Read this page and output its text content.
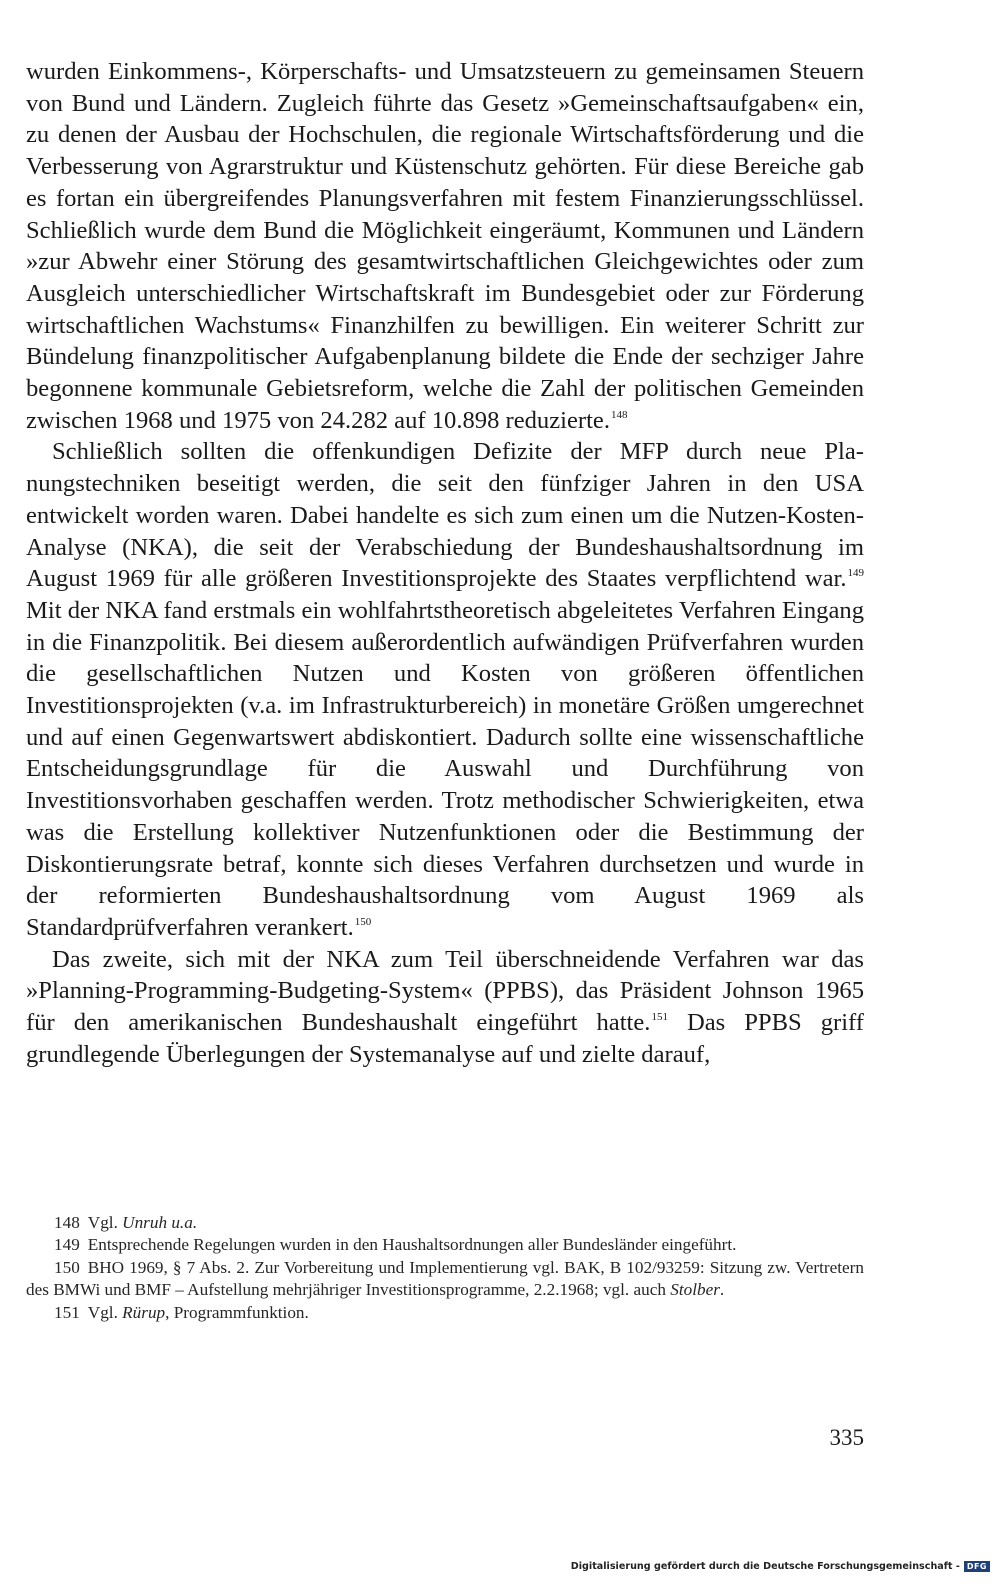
wurden Einkommens-, Körperschafts- und Umsatzsteuern zu gemeinsamen Steuern von Bund und Ländern. Zugleich führte das Gesetz »Gemeinschaftsaufgaben« ein, zu denen der Ausbau der Hochschulen, die regionale Wirtschaftsförderung und die Verbesserung von Agrarstruktur und Küstenschutz gehörten. Für diese Bereiche gab es fortan ein übergreifendes Planungsverfahren mit festem Finanzierungsschlüssel. Schließlich wurde dem Bund die Möglichkeit eingeräumt, Kommunen und Ländern »zur Abwehr einer Störung des gesamtwirtschaftlichen Gleichgewichtes oder zum Ausgleich unterschiedlicher Wirtschaftskraft im Bundesgebiet oder zur Förderung wirtschaftlichen Wachstums« Finanzhilfen zu bewilligen. Ein weiterer Schritt zur Bündelung finanzpolitischer Aufgabenplanung bildete die Ende der sechziger Jahre begonnene kommunale Gebietsreform, welche die Zahl der politischen Gemeinden zwischen 1968 und 1975 von 24.282 auf 10.898 reduzierte.$^{148}$

Schließlich sollten die offenkundigen Defizite der MFP durch neue Planungstechniken beseitigt werden, die seit den fünfziger Jahren in den USA entwickelt worden waren. Dabei handelte es sich zum einen um die Nutzen-Kosten-Analyse (NKA), die seit der Verabschiedung der Bundeshaushaltsordnung im August 1969 für alle größeren Investitionsprojekte des Staates verpflichtend war.$^{149}$ Mit der NKA fand erstmals ein wohlfahrtstheoretisch abgeleitetes Verfahren Eingang in die Finanzpolitik. Bei diesem außerordentlich aufwändigen Prüfverfahren wurden die gesellschaftlichen Nutzen und Kosten von größeren öffentlichen Investitionsprojekten (v.a. im Infrastrukturbereich) in monetäre Größen umgerechnet und auf einen Gegenwartswert abdiskontiert. Dadurch sollte eine wissenschaftliche Entscheidungsgrundlage für die Auswahl und Durchführung von Investitionsvorhaben geschaffen werden. Trotz methodischer Schwierigkeiten, etwa was die Erstellung kollektiver Nutzenfunktionen oder die Bestimmung der Diskontierungsrate betraf, konnte sich dieses Verfahren durchsetzen und wurde in der reformierten Bundeshaushaltsordnung vom August 1969 als Standardprüfverfahren verankert.$^{150}$

Das zweite, sich mit der NKA zum Teil überschneidende Verfahren war das »Planning-Programming-Budgeting-System« (PPBS), das Präsident Johnson 1965 für den amerikanischen Bundeshaushalt eingeführt hatte.$^{151}$ Das PPBS griff grundlegende Überlegungen der Systemanalyse auf und zielte darauf,

148 Vgl. Unruh u.a.

149 Entsprechende Regelungen wurden in den Haushaltsordnungen aller Bundesländer eingeführt.

150 BHO 1969, § 7 Abs. 2. Zur Vorbereitung und Implementierung vgl. BAK, B 102/93259: Sitzung zw. Vertretern des BMWi und BMF – Aufstellung mehrjähriger Investitionsprogramme, 2.2.1968; vgl. auch Stolber.

151 Vgl. Rürup, Programmfunktion.

335
Digitalisierung gefördert durch die Deutsche Forschungsgemeinschaft - DFG
